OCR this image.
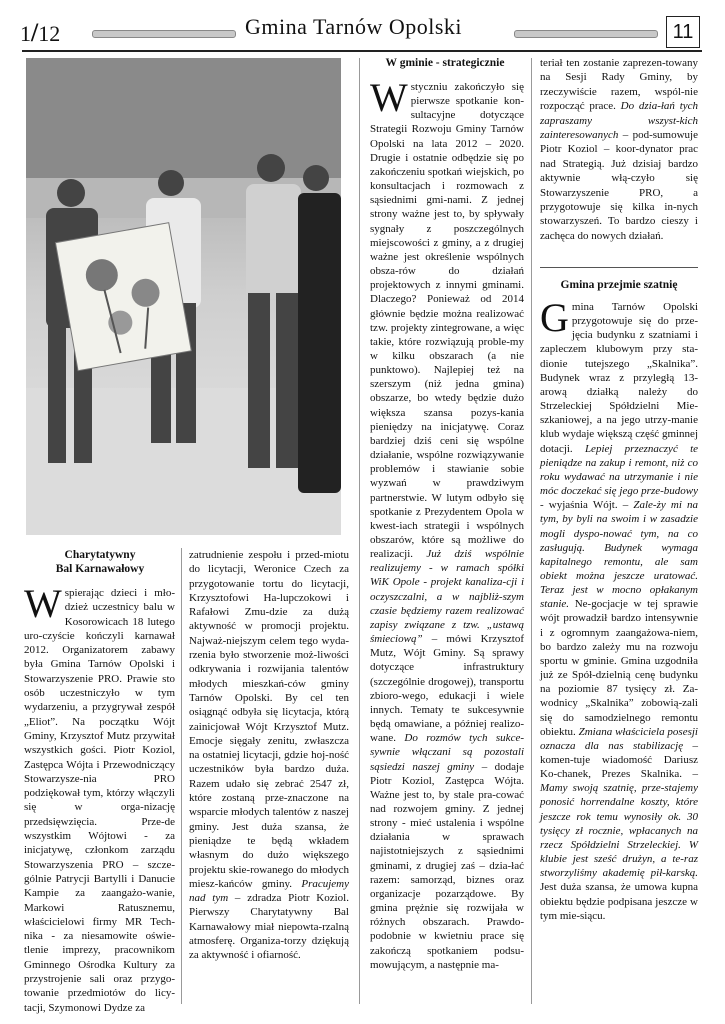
1/12	Gmina Tarnów Opolski	11
Charytatywny
Bal Karnawałowy

Wspierając dzieci i mło-dzież uczestnicy balu w Kosorowicach 18 lutego uro-czyście kończyli karnawał 2012. Organizatorem zabawy była Gmina Tarnów Opolski i Stowarzyszenie PRO. Prawie sto osób uczestniczyło w tym wydarzeniu, a przygrywał zespół „Eliot”. Na początku Wójt Gminy, Krzysztof Mutz przywitał wszystkich gości. Piotr Koziol, Zastępca Wójta i Przewodniczący Stowarzysze-nia PRO podziękował tym, którzy włączyli się w orga-nizację przedsięwzięcia. Prze-de wszystkim Wójtowi - za inicjatywę, członkom zarządu Stowarzyszenia PRO – szcze-gólnie Patrycji Bartylli i Danucie Kampie za zaangażo-wanie, Markowi Ratusznemu, właścicielowi firmy MR Tech-nika - za niesamowite oświe-tlenie imprezy, pracownikom Gminnego Ośrodka Kultury za przystrojenie sali oraz przygo-towanie przedmiotów do licy-tacji, Szymonowi Dydze za

zatrudnienie zespołu i przed-miotu do licytacji, Weronice Czech za przygotowanie tortu do licytacji, Krzysztofowi Ha-lupczokowi i Rafałowi Zmu-dzie za dużą aktywność w promocji projektu. Najważ-niejszym celem tego wyda-rzenia było stworzenie moż-liwości odkrywania i rozwijania talentów młodych mieszkań-ców gminy Tarnów Opolski. By cel ten osiągnąć odbyła się licytacja, którą zainicjował Wójt Krzysztof Mutz. Emocje sięgały zenitu, zwłaszcza na ostatniej licytacji, gdzie hoj-ność uczestników była bardzo duża. Razem udało się zebrać 2547 zł, które zostaną prze-znaczone na wsparcie młodych talentów z naszej gminy. Jest duża szansa, że pieniądze te będą wkładem własnym do dużo większego projektu skie-rowanego do młodych miesz-kańców gminy. Pracujemy nad tym – zdradza Piotr Koziol. Pierwszy Charytatywny Bal Karnawałowy miał niepowta-rzalną atmosferę. Organiza-torzy dziękują za aktywność i ofiarność.

W gminie - strategicznie

Wstyczniu zakończyło się pierwsze spotkanie kon-sultacyjne dotyczące Strategii Rozwoju Gminy Tarnów Opolski na lata 2012 – 2020. Drugie i ostatnie odbędzie się po zakończeniu spotkań wiejskich, po konsultacjach i rozmowach z sąsiednimi gmi-nami. Z jednej strony ważne jest to, by spływały sygnały z poszczególnych miejscowości z gminy, a z drugiej ważne jest określenie wspólnych obsza-rów do działań projektowych z innymi gminami. Dlaczego? Ponieważ od 2014 głównie będzie można realizować tzw. projekty zintegrowane, a więc takie, które rozwiązują proble-my w kilku obszarach (a nie punktowo). Najlepiej też na szerszym (niż jedna gmina) obszarze, bo wtedy będzie dużo większa szansa pozys-kania pieniędzy na inicjatywę. Coraz bardziej dziś ceni się wspólne działanie, wspólne rozwiązywanie problemów i stawianie sobie wyzwań w prawdziwym partnerstwie. W lutym odbyło się spotkanie z Prezydentem Opola w kwest-iach strategii i wspólnych obszarów, które są możliwe do realizacji. Już dziś wspólnie realizujemy - w ramach spółki WiK Opole - projekt kanaliza-cji i oczyszczalni, a w najbliż-szym czasie będziemy razem realizować zapisy związane z tzw. „ustawą śmieciową” – mówi Krzysztof Mutz, Wójt Gminy. Są sprawy dotyczące infrastruktury (szczególnie drogowej), transportu zbioro-wego, edukacji i wiele innych. Tematy te sukcesywnie będą omawiane, a później realizo-wane. Do rozmów tych sukce-sywnie włączani są pozostali sąsiedzi naszej gminy – dodaje Piotr Koziol, Zastępca Wójta. Ważne jest to, by stale pra-cować nad rozwojem gminy. Z jednej strony - mieć ustalenia i wspólne działania w sprawach najistotniejszych z sąsiednimi gminami, z drugiej zaś – dzia-łać razem: samorząd, biznes oraz organizacje pozarządowe. By gmina prężnie się rozwijała w różnych obszarach. Prawdo-podobnie w kwietniu prace się zakończą spotkaniem podsu-mowującym, a następnie ma-

teriał ten zostanie zaprezen-towany na Sesji Rady Gminy, by rzeczywiście razem, wspól-nie rozpocząć prace. Do dzia-łań tych zapraszamy wszyst-kich zainteresowanych – pod-sumowuje Piotr Koziol – koor-dynator prac nad Strategią. Już dzisiaj bardzo aktywnie włą-czyło się Stowarzyszenie PRO, a przygotowuje się kilka in-nych stowarzyszeń. To bardzo cieszy i zachęca do nowych działań.

Gmina przejmie szatnię

Gmina Tarnów Opolski przygotowuje się do prze-jęcia budynku z szatniami i zapleczem klubowym przy sta-dionie tutejszego „Skalnika”. Budynek wraz z przyległą 13-arową działką należy do Strzeleckiej Spółdzielni Mie-szkaniowej, a na jego utrzy-manie klub wydaje większą część gminnej dotacji. Lepiej przeznaczyć te pieniądze na zakup i remont, niż co roku wydawać na utrzymanie i nie móc doczekać się jego prze-budowy - wyjaśnia Wójt. – Zale-ży mi na tym, by byli na swoim i w zasadzie mogli dyspo-nować tym, na co zasługują. Budynek wymaga kapitalnego remontu, ale sam obiekt można jeszcze uratować. Teraz jest w mocno opłakanym stanie. Ne-gocjacje w tej sprawie wójt prowadził bardzo intensywnie i z ogromnym zaangażowa-niem, bo bardzo zależy mu na rozwoju sportu w gminie. Gmina uzgodniła już ze Spół-dzielnią cenę budynku na poziomie 87 tysięcy zł. Za-wodnicy „Skalnika” zobowią-zali się do samodzielnego remontu obiektu. Zmiana właściciela posesji oznacza dla nas stabilizację – komen-tuje wiadomość Dariusz Ko-chanek, Prezes Skalnika. – Mamy swoją szatnię, prze-stajemy ponosić horrendalne koszty, które jeszcze rok temu wynosiły ok. 30 tysięcy zł rocznie, wpłacanych na rzecz Spółdzielni Strzeleckiej. W klubie jest sześć drużyn, a te-raz stworzyliśmy akademię pił-karską. Jest duża szansa, że umowa kupna obiektu będzie podpisana jeszcze w tym mie-siącu.
